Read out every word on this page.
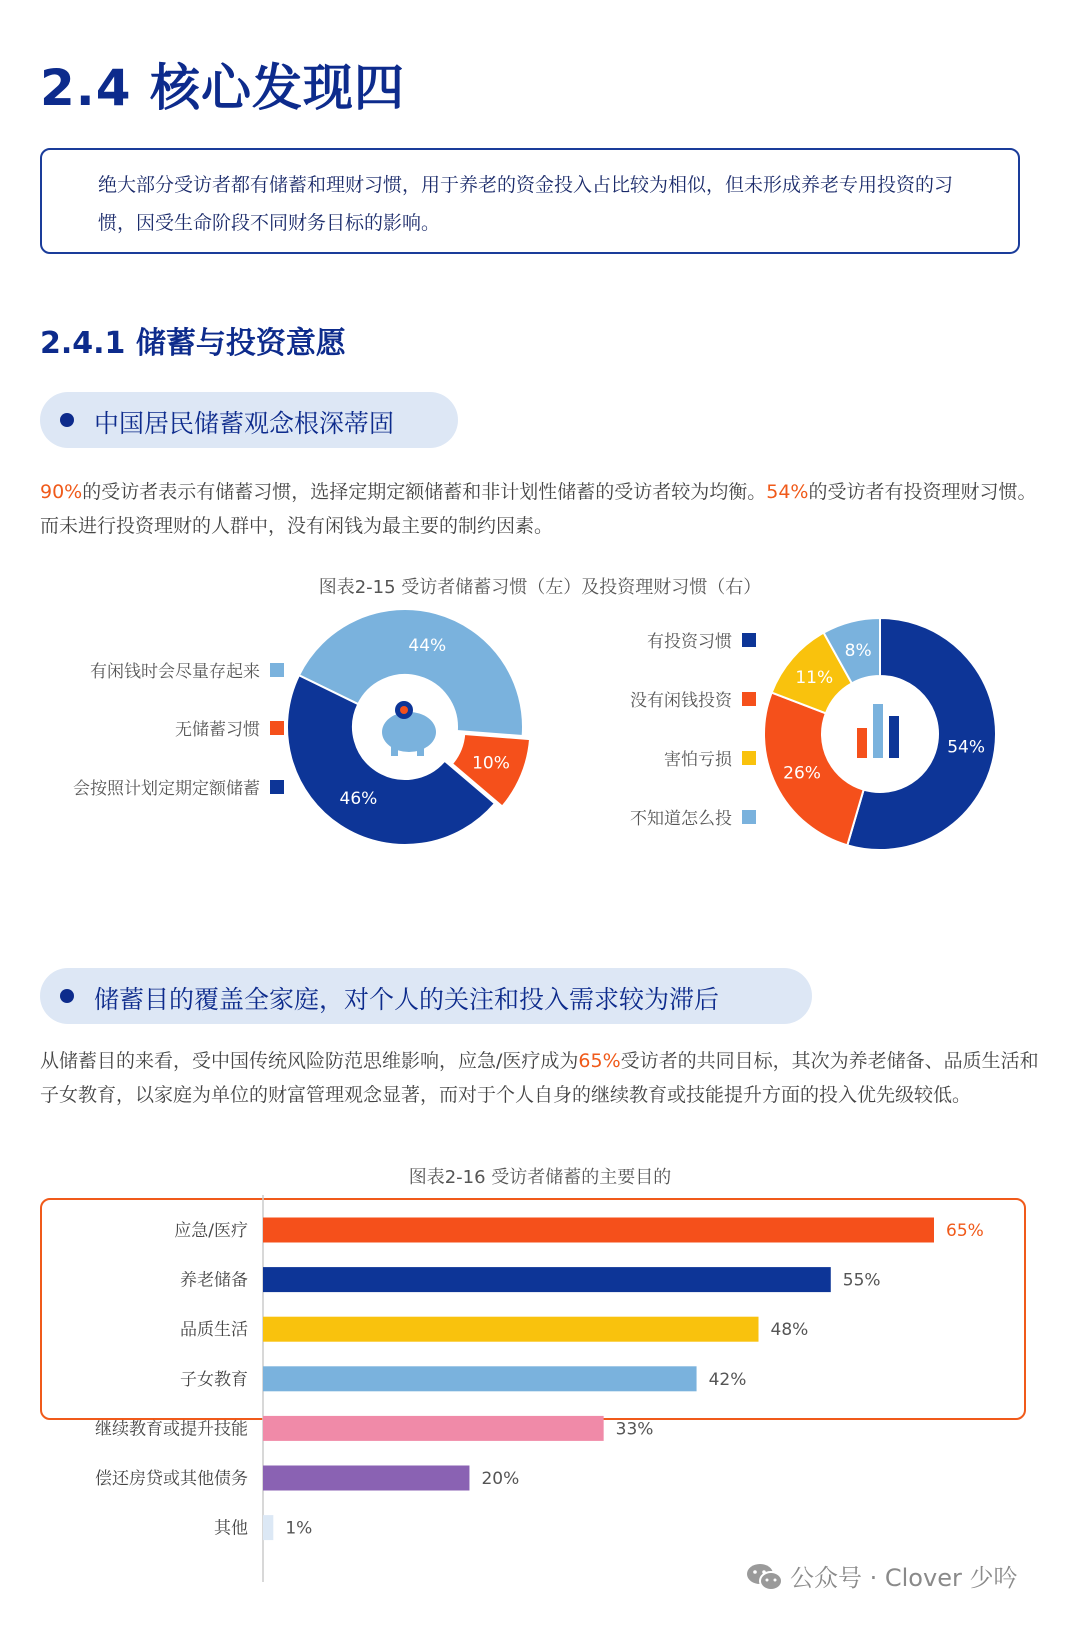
2.4 核心发现四
绝大部分受访者都有储蓄和理财习惯，用于养老的资金投入占比较为相似，但未形成养老专用投资的习惯，因受生命阶段不同财务目标的影响。
2.4.1 储蓄与投资意愿
中国居民储蓄观念根深蒂固
90%的受访者表示有储蓄习惯，选择定期定额储蓄和非计划性储蓄的受访者较为均衡。54%的受访者有投资理财习惯。而未进行投资理财的人群中，没有闲钱为最主要的制约因素。
图表2-15 受访者储蓄习惯（左）及投资理财习惯（右）
储蓄目的覆盖全家庭，对个人的关注和投入需求较为滞后
从储蓄目的来看，受中国传统风险防范思维影响，应急/医疗成为65%受访者的共同目标，其次为养老储备、品质生活和子女教育，以家庭为单位的财富管理观念显著，而对于个人自身的继续教育或技能提升方面的投入优先级较低。
图表2-16 受访者储蓄的主要目的
44%
10%
46%
有闲钱时会尽量存起来
无储蓄习惯
会按照计划定期定额储蓄
54%
26%
11%
8%
有投资习惯
没有闲钱投资
害怕亏损
不知道怎么投
应急/医疗	65%
养老储备	55%
品质生活	48%
子女教育	42%
继续教育或提升技能	33%
偿还房贷或其他债务	20%
其他 1%
公众号 · Clover 少吟
